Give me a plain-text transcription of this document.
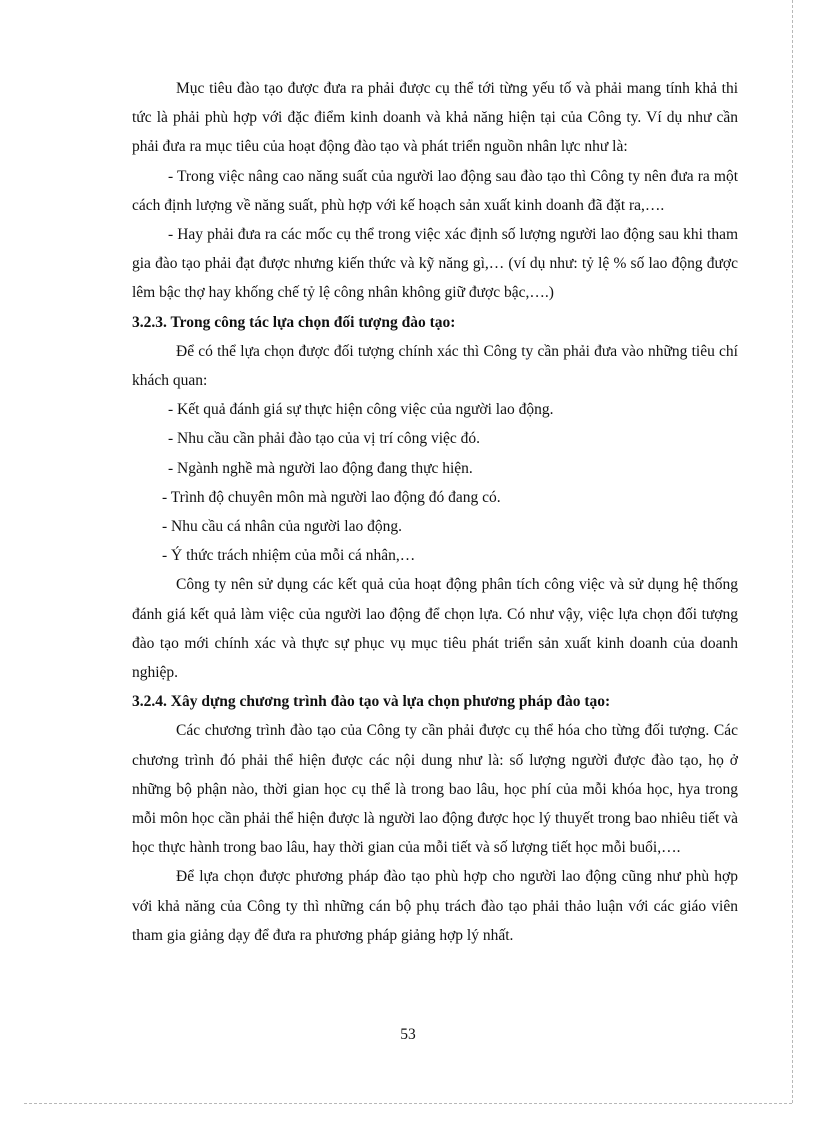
Mục tiêu đào tạo được đưa ra phải được cụ thể tới từng yếu tố và phải mang tính khả thi tức là phải phù hợp với đặc điểm kinh doanh và khả năng hiện tại của Công ty. Ví dụ như cần phải đưa ra mục tiêu của hoạt động đào tạo và phát triển nguồn nhân lực như là:

- Trong việc nâng cao năng suất của người lao động sau đào tạo thì Công ty nên đưa ra một cách định lượng về năng suất, phù hợp với kế hoạch sản xuất kinh doanh đã đặt ra,….

- Hay phải đưa ra các mốc cụ thể trong việc xác định số lượng người lao động sau khi tham gia đào tạo phải đạt được nhưng kiến thức và kỹ năng gì,… (ví dụ như: tỷ lệ % số lao động được lêm bậc thợ hay khống chế tỷ lệ công nhân không giữ được bậc,….)

3.2.3. Trong công tác lựa chọn đối tượng đào tạo:

Để có thể lựa chọn được đối tượng chính xác thì Công ty cần phải đưa vào những tiêu chí khách quan:

- Kết quả đánh giá sự thực hiện công việc của người lao động.

- Nhu cầu cần phải đào tạo của vị trí công việc đó.

- Ngành nghề mà người lao động đang thực hiện.

- Trình độ chuyên môn mà người lao động đó đang có.

- Nhu cầu cá nhân của người lao động.

- Ý thức trách nhiệm của mỗi cá nhân,…

Công ty nên sử dụng các kết quả của hoạt động phân tích công việc và sử dụng hệ thống đánh giá kết quả làm việc của người lao động để chọn lựa. Có như vậy, việc lựa chọn đối tượng đào tạo mới chính xác và thực sự phục vụ mục tiêu phát triển sản xuất kinh doanh của doanh nghiệp.

3.2.4. Xây dựng chương trình đào tạo và lựa chọn phương pháp đào tạo:

Các chương trình đào tạo của Công ty cần phải được cụ thể hóa cho từng đối tượng. Các chương trình đó phải thể hiện được các nội dung như là: số lượng người được đào tạo, họ ở những bộ phận nào, thời gian học cụ thể là trong bao lâu, học phí của mỗi khóa học, hya trong mỗi môn học cần phải thể hiện được là người lao động được học lý thuyết trong bao nhiêu tiết và học thực hành trong bao lâu, hay thời gian của mỗi tiết và số lượng tiết học mỗi buổi,….

Để lựa chọn được phương pháp đào tạo phù hợp cho người lao động cũng như phù hợp với khả năng của Công ty thì những cán bộ phụ trách đào tạo phải thảo luận với các giáo viên tham gia giảng dạy để đưa ra phương pháp giảng hợp lý nhất.

53
